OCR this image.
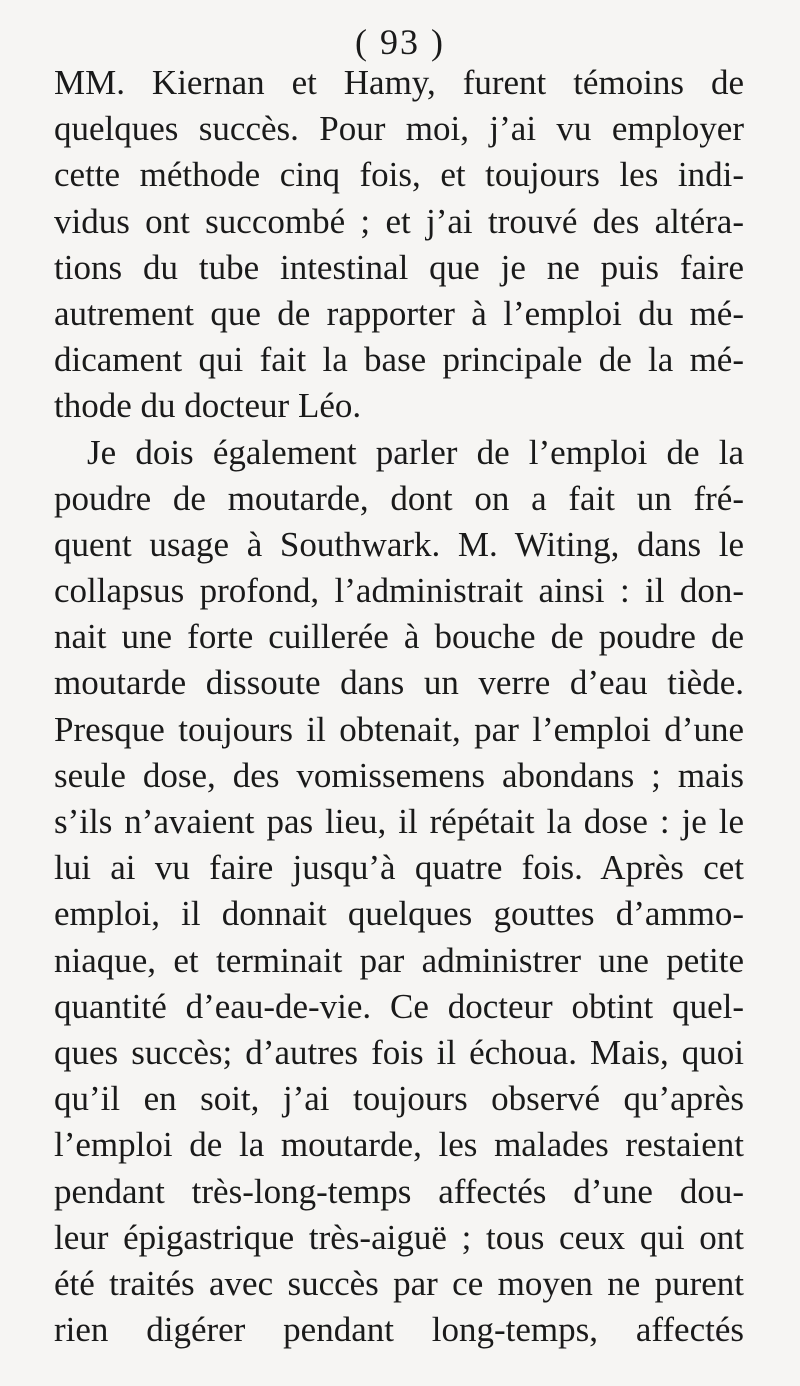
( 93 )
MM. Kiernan et Hamy, furent témoins de
quelques succès. Pour moi, j’ai vu employer
cette méthode cinq fois, et toujours les indi-
vidus ont succombé ; et j’ai trouvé des altéra-
tions du tube intestinal que je ne puis faire
autrement que de rapporter à l’emploi du mé-
dicament qui fait la base principale de la mé-
thode du docteur Léo.
Je dois également parler de l’emploi de la
poudre de moutarde, dont on a fait un fré-
quent usage à Southwark. M. Witing, dans le
collapsus profond, l’administrait ainsi : il don-
nait une forte cuillerée à bouche de poudre de
moutarde dissoute dans un verre d’eau tiède.
Presque toujours il obtenait, par l’emploi d’une
seule dose, des vomissemens abondans ; mais
s’ils n’avaient pas lieu, il répétait la dose : je le
lui ai vu faire jusqu’à quatre fois. Après cet
emploi, il donnait quelques gouttes d’ammo-
niaque, et terminait par administrer une petite
quantité d’eau-de-vie. Ce docteur obtint quel-
ques succès; d’autres fois il échoua. Mais, quoi
qu’il en soit, j’ai toujours observé qu’après
l’emploi de la moutarde, les malades restaient
pendant très-long-temps affectés d’une dou-
leur épigastrique très-aiguë ; tous ceux qui ont
été traités avec succès par ce moyen ne purent
rien digérer pendant long-temps, affectés
